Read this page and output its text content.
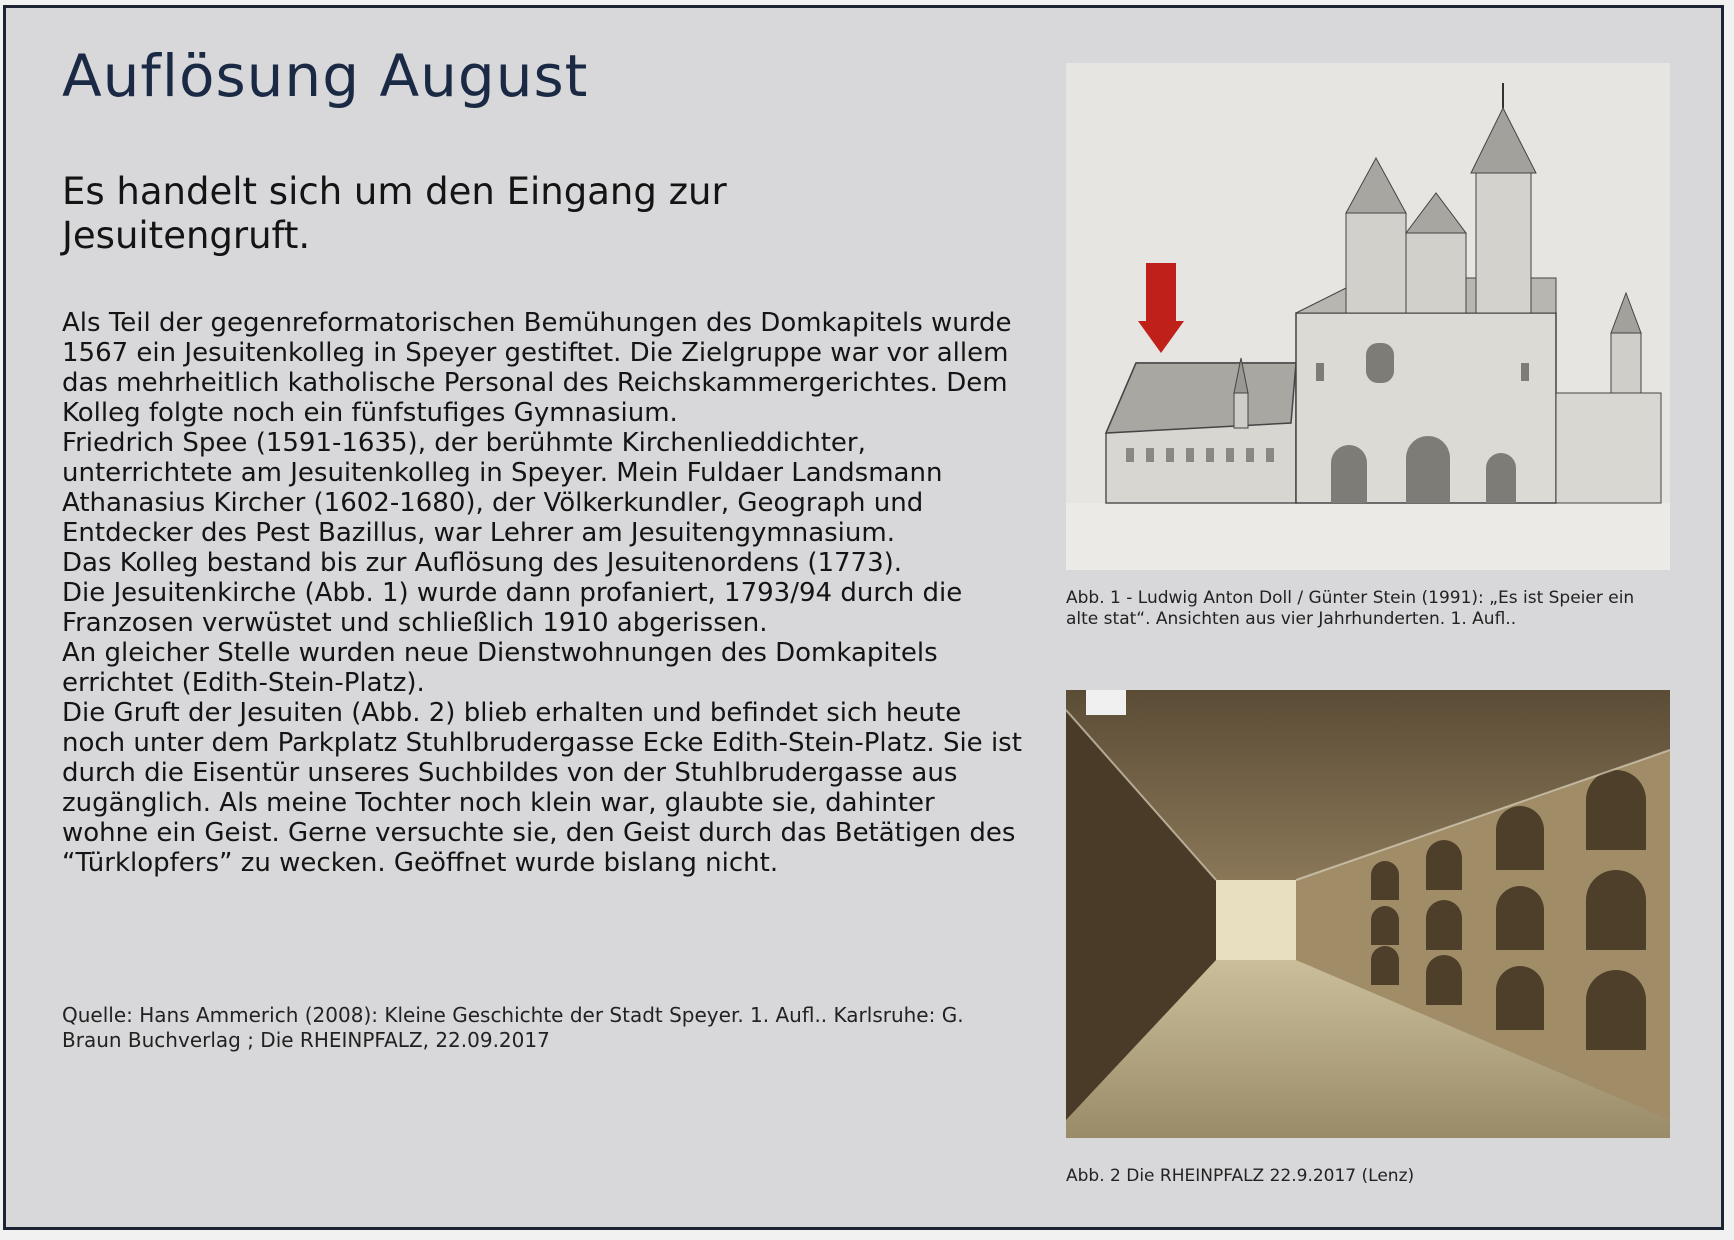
Auflösung August
Es handelt sich um den Eingang zur Jesuitengruft.

Als Teil der gegenreformatorischen Bemühungen des Domkapitels wurde 1567 ein Jesuitenkolleg in Speyer gestiftet. Die Zielgruppe war vor allem das mehrheitlich katholische Personal des Reichskammergerichtes. Dem Kolleg folgte noch ein fünfstufiges Gymnasium.

Friedrich Spee (1591-1635), der berühmte Kirchenlieddichter, unterrichtete am Jesuitenkolleg in Speyer. Mein Fuldaer Landsmann Athanasius Kircher (1602-1680), der Völkerkundler, Geograph und Entdecker des Pest Bazillus, war Lehrer am Jesuitengymnasium.

Das Kolleg bestand bis zur Auflösung des Jesuitenordens (1773).

Die Jesuitenkirche (Abb. 1) wurde dann profaniert, 1793/94 durch die Franzosen verwüstet und schließlich 1910 abgerissen.

An gleicher Stelle wurden neue Dienstwohnungen des Domkapitels errichtet (Edith-Stein-Platz).

Die Gruft der Jesuiten (Abb. 2) blieb erhalten und befindet sich heute noch unter dem Parkplatz Stuhlbrudergasse Ecke Edith-Stein-Platz. Sie ist durch die Eisentür unseres Suchbildes von der Stuhlbrudergasse aus zugänglich. Als meine Tochter noch klein war, glaubte sie, dahinter wohne ein Geist. Gerne versuchte sie, den Geist durch das Betätigen des “Türklopfers” zu wecken. Geöffnet wurde bislang nicht.

Quelle: Hans Ammerich (2008): Kleine Geschichte der Stadt Speyer. 1. Aufl.. Karlsruhe: G. Braun Buchverlag ; Die RHEINPFALZ, 22.09.2017
Abb. 1 - Ludwig Anton Doll / Günter Stein (1991): „Es ist Speier ein alte stat“. Ansichten aus vier Jahrhunderten. 1. Aufl..
Abb. 2 Die RHEINPFALZ 22.9.2017 (Lenz)
